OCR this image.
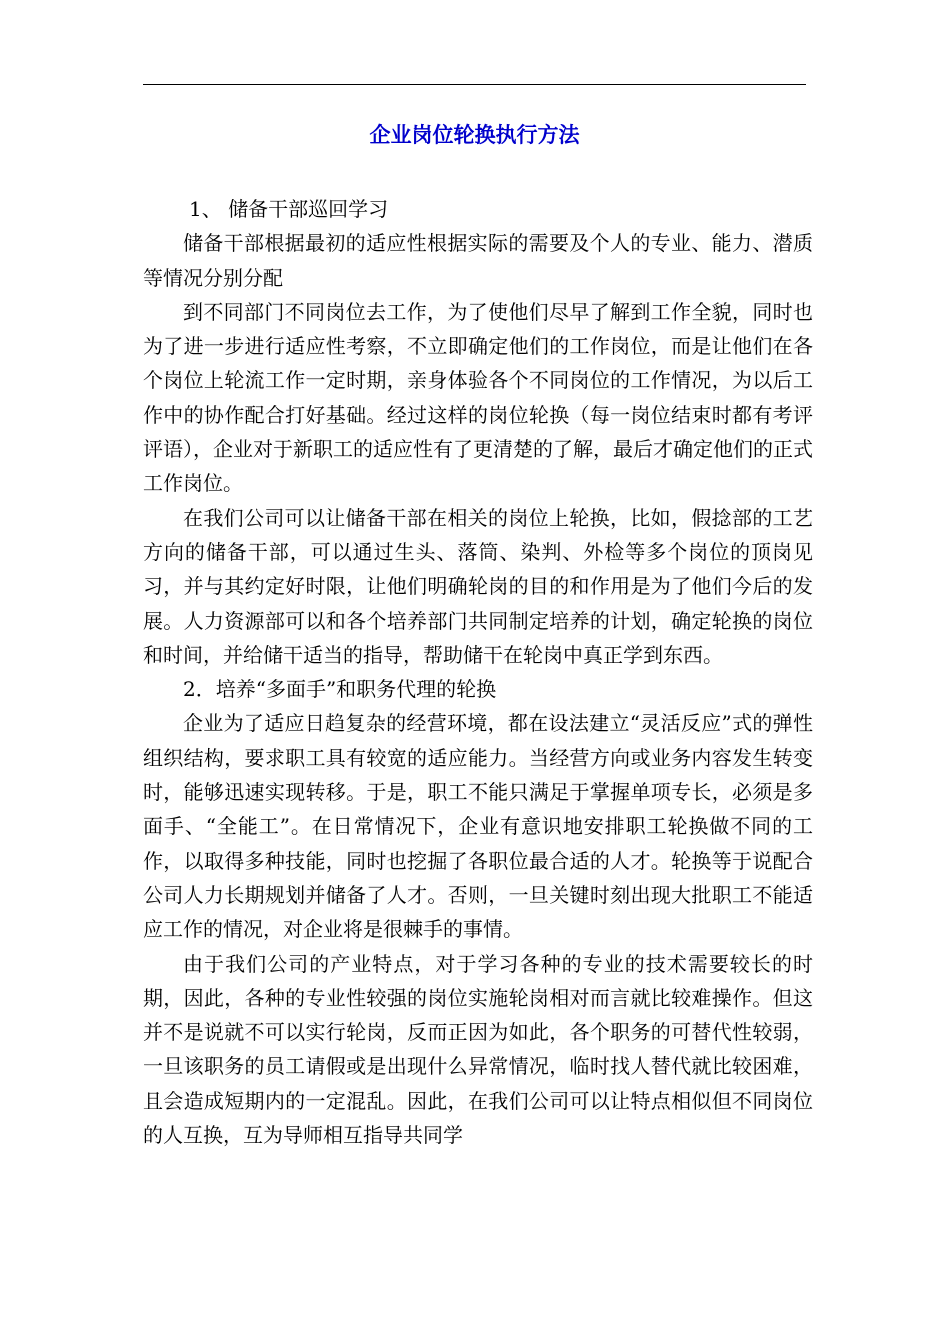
企业岗位轮换执行方法

1、 储备干部巡回学习

储备干部根据最初的适应性根据实际的需要及个人的专业、能力、潜质等情况分别分配

到不同部门不同岗位去工作，为了使他们尽早了解到工作全貌，同时也为了进一步进行适应性考察，不立即确定他们的工作岗位，而是让他们在各个岗位上轮流工作一定时期，亲身体验各个不同岗位的工作情况，为以后工作中的协作配合打好基础。经过这样的岗位轮换（每一岗位结束时都有考评评语），企业对于新职工的适应性有了更清楚的了解，最后才确定他们的正式工作岗位。

在我们公司可以让储备干部在相关的岗位上轮换，比如，假捻部的工艺方向的储备干部，可以通过生头、落筒、染判、外检等多个岗位的顶岗见习，并与其约定好时限，让他们明确轮岗的目的和作用是为了他们今后的发展。人力资源部可以和各个培养部门共同制定培养的计划，确定轮换的岗位和时间，并给储干适当的指导，帮助储干在轮岗中真正学到东西。

2．培养“多面手”和职务代理的轮换

企业为了适应日趋复杂的经营环境，都在设法建立“灵活反应”式的弹性组织结构，要求职工具有较宽的适应能力。当经营方向或业务内容发生转变时，能够迅速实现转移。于是，职工不能只满足于掌握单项专长，必须是多面手、“全能工”。在日常情况下，企业有意识地安排职工轮换做不同的工作，以取得多种技能，同时也挖掘了各职位最合适的人才。轮换等于说配合公司人力长期规划并储备了人才。否则，一旦关键时刻出现大批职工不能适应工作的情况，对企业将是很棘手的事情。

由于我们公司的产业特点，对于学习各种的专业的技术需要较长的时期，因此，各种的专业性较强的岗位实施轮岗相对而言就比较难操作。但这并不是说就不可以实行轮岗，反而正因为如此，各个职务的可替代性较弱，一旦该职务的员工请假或是出现什么异常情况，临时找人替代就比较困难，且会造成短期内的一定混乱。因此，在我们公司可以让特点相似但不同岗位的人互换，互为导师相互指导共同学
